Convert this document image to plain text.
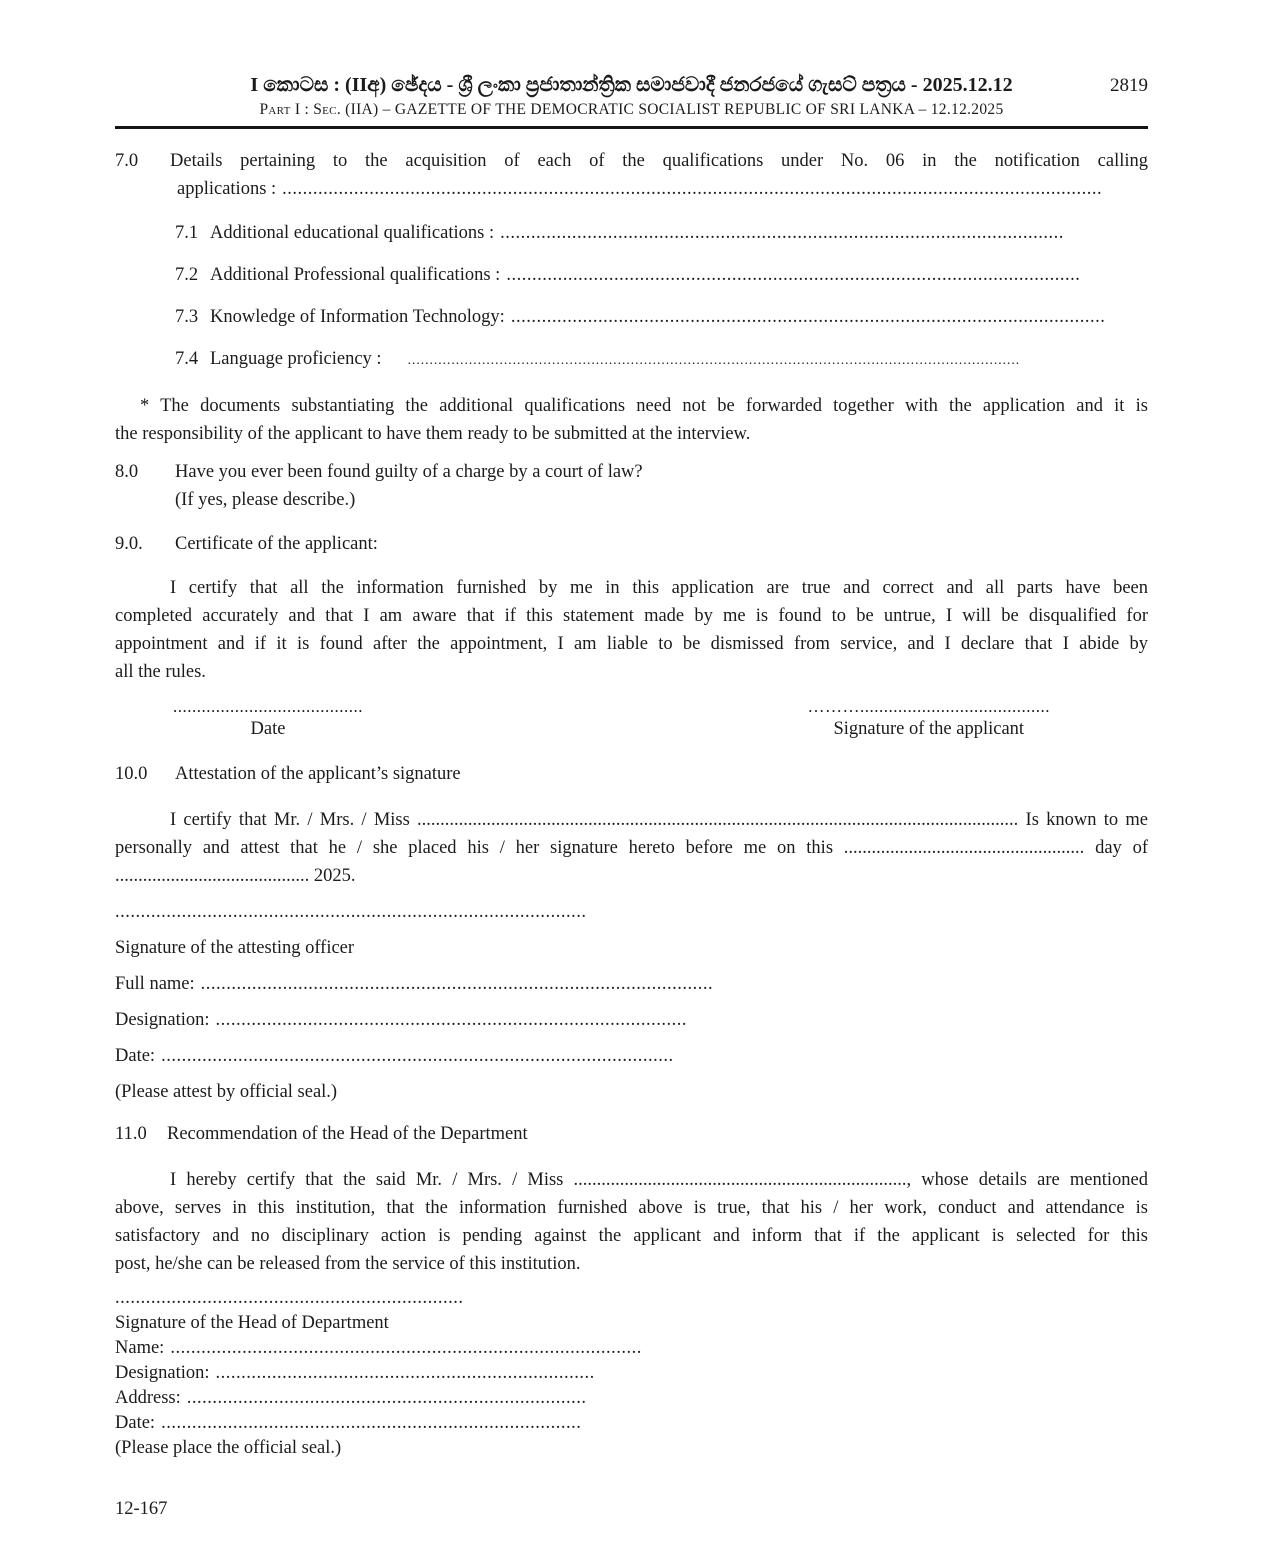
I කොටස : (IIඅ) ඡේදය - ශ්‍රී ලංකා ප්‍රජාතාන්ත්‍රික සමාජවාදී ජනරජයේ ගැසට් පත්‍රය - 2025.12.12	2819
Part I : Sec. (IIA) – GAZETTE OF THE DEMOCRATIC SOCIALIST REPUBLIC OF SRI LANKA – 12.12.2025
7.0	Details pertaining to the acquisition of each of the qualifications under No. 06 in the notification calling
applications : ................................................................................................................................................................
7.1 Additional educational qualifications : ..............................................................................................................
7.2 Additional Professional qualifications : ................................................................................................................
7.3 Knowledge of Information Technology: ....................................................................................................................
7.4 Language proficiency : ............................................................................................................................................
* The documents substantiating the additional qualifications need not be forwarded together with the application and it is
the responsibility of the applicant to have them ready to be submitted at the interview.
8.0	Have you ever been found guilty of a charge by a court of law?
(If yes, please describe.)
9.0.	Certificate of the applicant:
I certify that all the information furnished by me in this application are true and correct and all parts have been
completed accurately and that I am aware that if this statement made by me is found to be untrue, I will be disqualified for
appointment and if it is found after the appointment, I am liable to be dismissed from service, and I declare that I abide by
all the rules.
........................................
Date
………........................................
Signature of the applicant
10.0	Attestation of the applicant’s signature
I certify that Mr. / Mrs. / Miss .................................................................................................................................. Is known to me
personally and attest that he / she placed his / her signature hereto before me on this .................................................... day of
.......................................... 2025.
............................................................................................
Signature of the attesting officer
Full name: ....................................................................................................
Designation: ............................................................................................
Date: ....................................................................................................
(Please attest by official seal.)
11.0	Recommendation of the Head of the Department
I hereby certify that the said Mr. / Mrs. / Miss ........................................................................, whose details are mentioned
above, serves in this institution, that the information furnished above is true, that his / her work, conduct and attendance is
satisfactory and no disciplinary action is pending against the applicant and inform that if the applicant is selected for this
post, he/she can be released from the service of this institution.
....................................................................
Signature of the Head of Department
Name: ............................................................................................
Designation: ..........................................................................
Address: ..............................................................................
Date: ..................................................................................
(Please place the official seal.)
12-167
